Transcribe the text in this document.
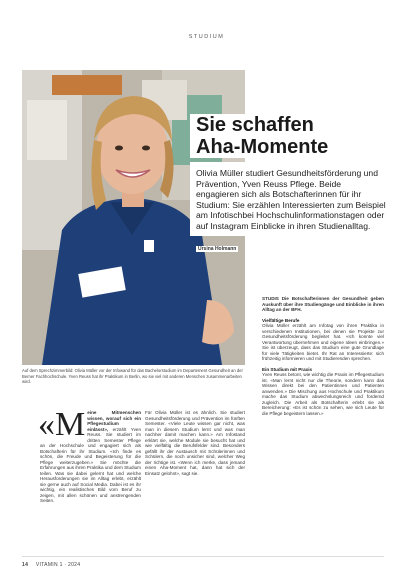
STUDIUM
Sie schaffen
Aha-Momente
Olivia Müller studiert Gesundheitsförderung und Prävention, Yven Reuss Pflege. Beide engagieren sich als Botschafterinnen für ihr Studium: Sie erzählen Interessierten zum Beispiel am Infotischbei Hochschulinformationstagen oder auf Instagram Einblicke in ihren Studienalltag.
Ursina Holmann
Auf dem Sprechzimmerbild: Olivia Müller vor der Infowand für das Bachelorstudium im Departement Gesundheit an der Berner Fachhochschule. Yven Reuss hat ihr Praktikum in Berlin, wo sie viel mit anderen Menschen zusammenarbeiten wird.
«M eine Mitmenschen wissen, worauf sich ein Pflegestudium einlässt», erzählt Yven Reuss. Sie studiert im dritten Semester Pflege an der Hochschule und engagiert sich als Botschafterin für ihr Studium. «Ich finde es schön, die Freude und Begeisterung für die Pflege weiterzugeben.» Sie möchte die Erfahrungen aus ihren Praktika und dem Studium teilen. Was sie dabei gelernt hat und welche Herausforderungen sie im Alltag erlebt, erzählt sie gerne auch auf Social Media. Dabei ist es ihr wichtig, ein realistisches Bild vom Beruf zu zeigen, mit allen schönen und anstrengenden Seiten.
Für Olivia Müller ist es ähnlich. Sie studiert Gesundheitsförderung und Prävention im fünften Semester. «Viele Leute wissen gar nicht, was man in diesem Studium lernt und was man nachher damit machen kann.» Am Infostand erklärt sie, welche Module sie besucht hat und wie vielfältig die Berufsfelder sind. Besonders gefällt ihr der Austausch mit Schülerinnen und Schülern, die noch unsicher sind, welcher Weg der richtige ist. «Wenn ich merke, dass jemand einen Aha-Moment hat, dann hat sich der Einsatz gelohnt», sagt sie.
STUDIS Die Botschafterinnen der Gesundheit geben Auskunft über ihre Studiengänge und Einblicke in ihren Alltag an der BFH.
Vielfältige Berufe
Olivia Müller erzählt am Infotag von ihren Praktika in verschiedenen Institutionen, bei denen sie Projekte zur Gesundheitsförderung begleitet hat. «Ich konnte viel Verantwortung übernehmen und eigene Ideen einbringen.» Sie ist überzeugt, dass das Studium eine gute Grundlage für viele Tätigkeiten bietet. Ihr Rat an Interessierte: sich frühzeitig informieren und mit Studierenden sprechen.
Ein Studium mit Praxis
Yven Reuss betont, wie wichtig die Praxis im Pflegestudium ist. «Man lernt nicht nur die Theorie, sondern kann das Wissen direkt bei den Patientinnen und Patienten anwenden.» Die Mischung aus Hochschule und Praktikum mache das Studium abwechslungsreich und fordernd zugleich. Die Arbeit als Botschafterin erlebt sie als Bereicherung: «Es ist schön zu sehen, wie sich Leute für die Pflege begeistern lassen.»
14 VITAMIN 1 · 2024
